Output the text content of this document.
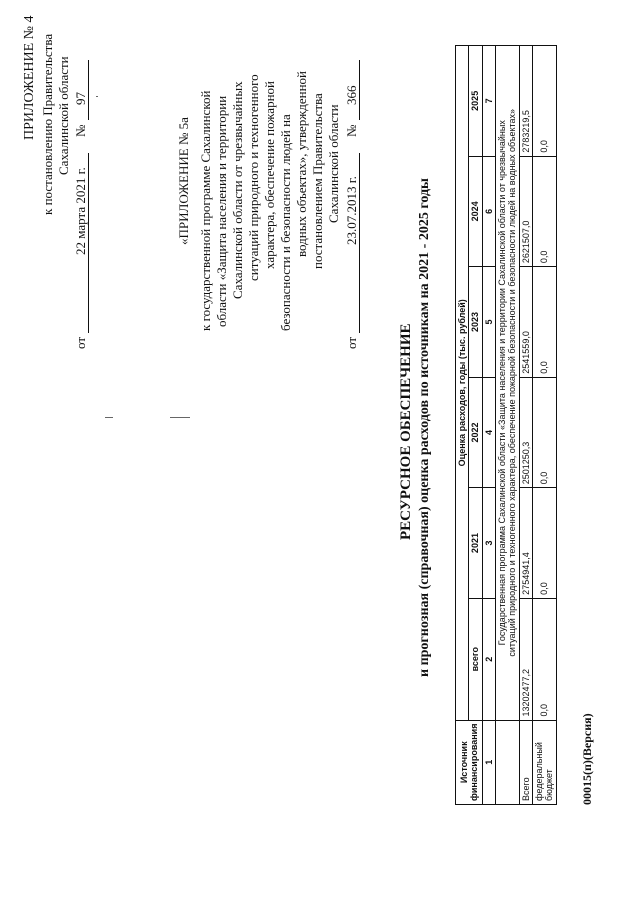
ПРИЛОЖЕНИЕ № 4 к постановлению Правительства Сахалинской области
от
22 марта 2021 г.
№
97
«ПРИЛОЖЕНИЕ № 5а к государственной программе Сахалинской области «Защита населения и территории Сахалинской области от чрезвычайных ситуаций природного и техногенного характера, обеспечение пожарной безопасности и безопасности людей на водных объектах», утвержденной постановлением Правительства Сахалинской области
от
23.07.2013 г.
№
366
РЕСУРСНОЕ ОБЕСПЕЧЕНИЕ и прогнозная (справочная) оценка расходов по источникам на 2021 - 2025 годы
Источник финансирования	Оценка расходов, годы (тыс. рублей)					
	всего	2021	2022	2023	2024	2025
1	2	3	4	5	6	7
	Государственная программа Сахалинской области «Защита населения и территории Сахалинской области от чрезвычайных ситуаций природного и техногенного характера, обеспечение пожарной безопасности и безопасности людей на водных объектах»					
Всего	13202477,2	2754941,4	2501250,3	2541559,0	2621507,0	2783219,5
федеральный бюджет	0,0	0,0	0,0	0,0	0,0	0,0
00015(п)(Версия)
